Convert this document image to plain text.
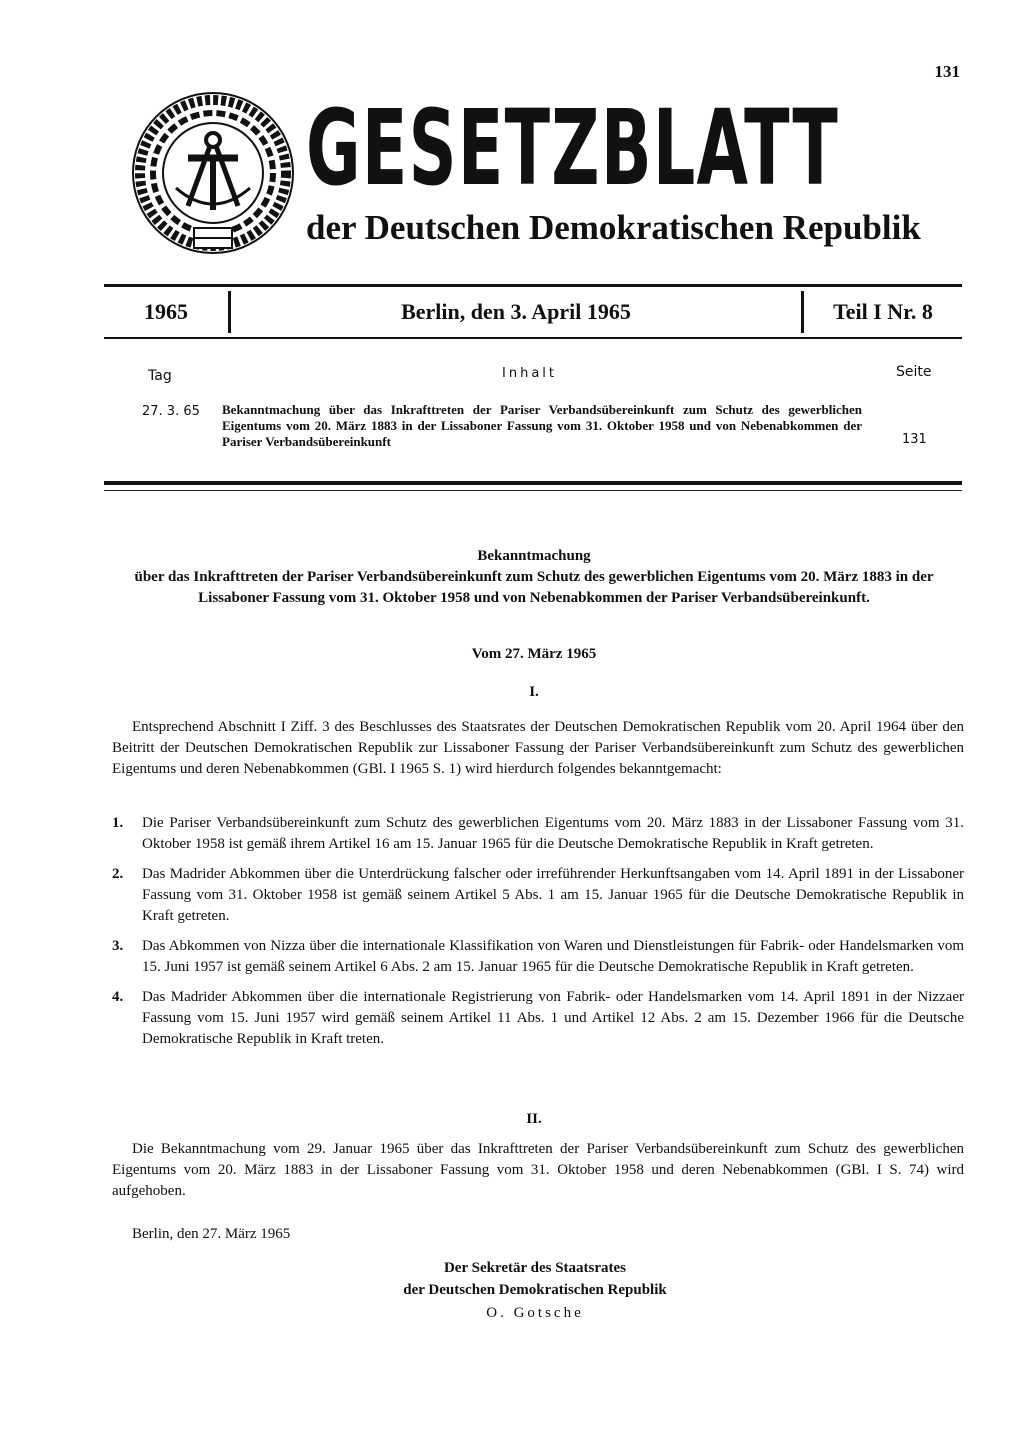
131
GESETZBLATT
der Deutschen Demokratischen Republik
1965	Berlin, den 3. April 1965	Teil I Nr. 8
Tag	Inhalt	Seite
27. 3. 65 Bekanntmachung über das Inkrafttreten der Pariser Verbandsübereinkunft zum Schutz des gewerblichen Eigentums vom 20. März 1883 in der Lissaboner Fassung vom 31. Oktober 1958 und von Nebenabkommen der Pariser Verbandsübereinkunft	131
Bekanntmachung
über das Inkrafttreten der Pariser Verbandsübereinkunft zum Schutz des gewerblichen Eigentums vom 20. März 1883 in der Lissaboner Fassung vom 31. Oktober 1958 und von Nebenabkommen der Pariser Verbandsübereinkunft.
Vom 27. März 1965
I.
Entsprechend Abschnitt I Ziff. 3 des Beschlusses des Staatsrates der Deutschen Demokratischen Republik vom 20. April 1964 über den Beitritt der Deutschen Demokratischen Republik zur Lissaboner Fassung der Pariser Verbandsübereinkunft zum Schutz des gewerblichen Eigentums und deren Nebenabkommen (GBl. I 1965 S. 1) wird hierdurch folgendes bekanntgemacht:
1.	Die Pariser Verbandsübereinkunft zum Schutz des gewerblichen Eigentums vom 20. März 1883 in der Lissaboner Fassung vom 31. Oktober 1958 ist gemäß ihrem Artikel 16 am 15. Januar 1965 für die Deutsche Demokratische Republik in Kraft getreten.
2.	Das Madrider Abkommen über die Unterdrückung falscher oder irreführender Herkunftsangaben vom 14. April 1891 in der Lissaboner Fassung vom 31. Oktober 1958 ist gemäß seinem Artikel 5 Abs. 1 am 15. Januar 1965 für die Deutsche Demokratische Republik in Kraft getreten.
3.	Das Abkommen von Nizza über die internationale Klassifikation von Waren und Dienstleistungen für Fabrik- oder Handelsmarken vom 15. Juni 1957 ist gemäß seinem Artikel 6 Abs. 2 am 15. Januar 1965 für die Deutsche Demokratische Republik in Kraft getreten.
4.	Das Madrider Abkommen über die internationale Registrierung von Fabrik- oder Handelsmarken vom 14. April 1891 in der Nizzaer Fassung vom 15. Juni 1957 wird gemäß seinem Artikel 11 Abs. 1 und Artikel 12 Abs. 2 am 15. Dezember 1966 für die Deutsche Demokratische Republik in Kraft treten.
II.
Die Bekanntmachung vom 29. Januar 1965 über das Inkrafttreten der Pariser Verbandsübereinkunft zum Schutz des gewerblichen Eigentums vom 20. März 1883 in der Lissaboner Fassung vom 31. Oktober 1958 und deren Nebenabkommen (GBl. I S. 74) wird aufgehoben.
Berlin, den 27. März 1965
Der Sekretär des Staatsrates
der Deutschen Demokratischen Republik
O. Gotsche
